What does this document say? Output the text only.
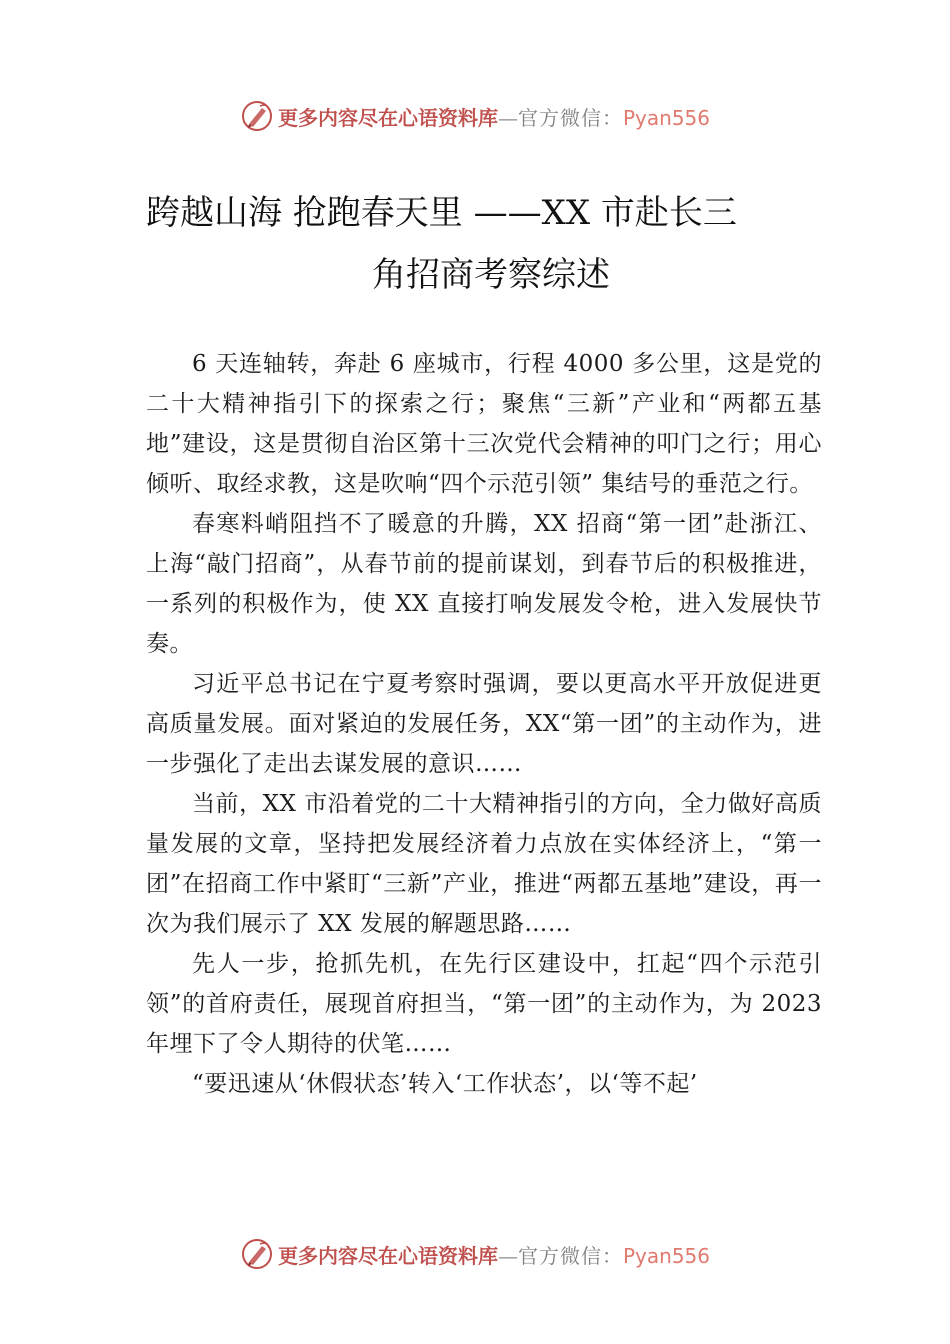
更多内容尽在心语资料库 — 官方微信： Pyan556
跨越山海 抢跑春天里 ——XX 市赴长三
角招商考察综述

6 天连轴转，奔赴 6 座城市，行程 4000 多公里，这是党的二十大精神指引下的探索之行；聚焦“三新”产业和“两都五基地”建设，这是贯彻自治区第十三次党代会精神的叩门之行；用心倾听、取经求教，这是吹响“四个示范引领” 集结号的垂范之行。

春寒料峭阻挡不了暖意的升腾，XX 招商“第一团”赴浙江、上海“敲门招商”，从春节前的提前谋划，到春节后的积极推进，一系列的积极作为，使 XX 直接打响发展发令枪，进入发展快节奏。

习近平总书记在宁夏考察时强调，要以更高水平开放促进更高质量发展。面对紧迫的发展任务，XX“第一团”的主动作为，进一步强化了走出去谋发展的意识……

当前，XX 市沿着党的二十大精神指引的方向，全力做好高质量发展的文章，坚持把发展经济着力点放在实体经济上，“第一团”在招商工作中紧盯“三新”产业，推进“两都五基地”建设，再一次为我们展示了 XX 发展的解题思路……

先人一步，抢抓先机，在先行区建设中，扛起“四个示范引领”的首府责任，展现首府担当，“第一团”的主动作为，为 2023 年埋下了令人期待的伏笔……

“要迅速从‘休假状态’转入‘工作状态’，以‘等不起’

更多内容尽在心语资料库 — 官方微信： Pyan556
